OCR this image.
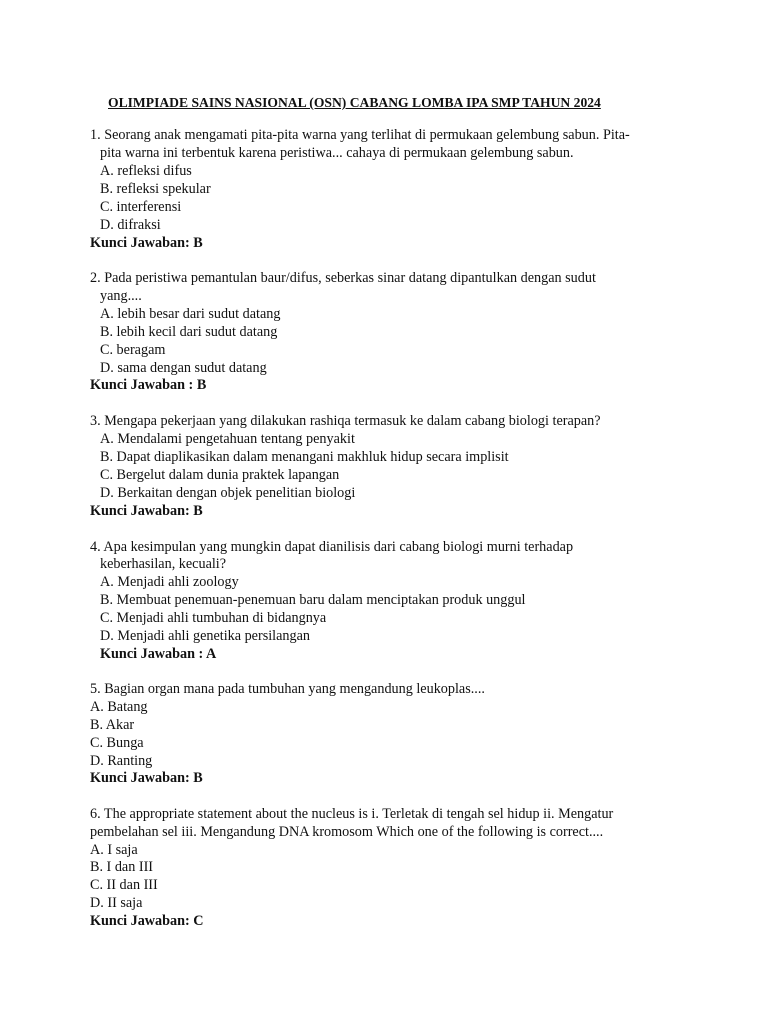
OLIMPIADE SAINS NASIONAL (OSN) CABANG LOMBA IPA SMP TAHUN 2024
1. Seorang anak mengamati pita-pita warna yang terlihat di permukaan gelembung sabun. Pita-
pita warna ini terbentuk karena peristiwa... cahaya di permukaan gelembung sabun.
A. refleksi difus
B. refleksi spekular
C. interferensi
D. difraksi
Kunci Jawaban: B
2. Pada peristiwa pemantulan baur/difus, seberkas sinar datang dipantulkan dengan sudut
yang....
A. lebih besar dari sudut datang
B. lebih kecil dari sudut datang
C. beragam
D. sama dengan sudut datang
Kunci Jawaban : B
3. Mengapa pekerjaan yang dilakukan rashiqa termasuk ke dalam cabang biologi terapan?
A. Mendalami pengetahuan tentang penyakit
B. Dapat diaplikasikan dalam menangani makhluk hidup secara implisit
C. Bergelut dalam dunia praktek lapangan
D. Berkaitan dengan objek penelitian biologi
Kunci Jawaban: B
4. Apa kesimpulan yang mungkin dapat dianilisis dari cabang biologi murni terhadap
keberhasilan, kecuali?
A. Menjadi ahli zoology
B. Membuat penemuan-penemuan baru dalam menciptakan produk unggul
C. Menjadi ahli tumbuhan di bidangnya
D. Menjadi ahli genetika persilangan
Kunci Jawaban : A
5. Bagian organ mana pada tumbuhan yang mengandung leukoplas....
A. Batang
B. Akar
C. Bunga
D. Ranting
Kunci Jawaban: B
6. The appropriate statement about the nucleus is i. Terletak di tengah sel hidup ii. Mengatur
pembelahan sel iii. Mengandung DNA kromosom Which one of the following is correct....
A. I saja
B. I dan III
C. II dan III
D. II saja
Kunci Jawaban: C
